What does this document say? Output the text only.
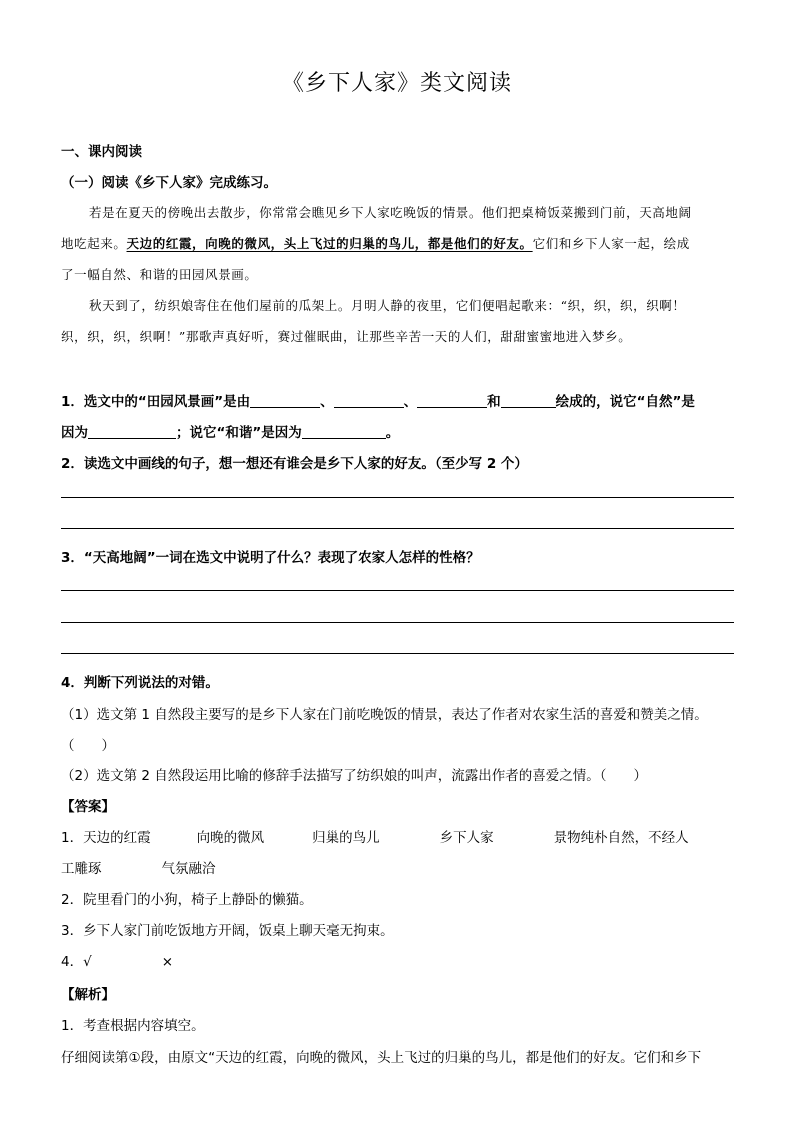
《乡下人家》类文阅读
一、课内阅读
（一）阅读《乡下人家》完成练习。
若是在夏天的傍晚出去散步，你常常会瞧见乡下人家吃晚饭的情景。他们把桌椅饭菜搬到门前，天高地阔
地吃起来。天边的红霞，向晚的微风，头上飞过的归巢的鸟儿，都是他们的好友。它们和乡下人家一起，绘成
了一幅自然、和谐的田园风景画。
秋天到了，纺织娘寄住在他们屋前的瓜架上。月明人静的夜里，它们便唱起歌来：“织，织，织，织啊！
织，织，织，织啊！”那歌声真好听，赛过催眠曲，让那些辛苦一天的人们，甜甜蜜蜜地进入梦乡。
1．选文中的“田园风景画”是由	、	、	和	绘成的，说它“自然”是
因为	；说它“和谐”是因为	。
2．读选文中画线的句子，想一想还有谁会是乡下人家的好友。（至少写 2 个）
3．“天高地阔”一词在选文中说明了什么？表现了农家人怎样的性格？
4．判断下列说法的对错。
（1）选文第 1 自然段主要写的是乡下人家在门前吃晚饭的情景，表达了作者对农家生活的喜爱和赞美之情。
（　　）
（2）选文第 2 自然段运用比喻的修辞手法描写了纺织娘的叫声，流露出作者的喜爱之情。（　　）
【答案】
1．天边的红霞	向晚的微风	归巢的鸟儿	乡下人家	景物纯朴自然，不经人
工雕琢	气氛融洽
2．院里看门的小狗，椅子上静卧的懒猫。
3．乡下人家门前吃饭地方开阔，饭桌上聊天毫无拘束。
4．√	×
【解析】
1．考查根据内容填空。
仔细阅读第①段，由原文“天边的红霞，向晚的微风，头上飞过的归巢的鸟儿，都是他们的好友。它们和乡下
